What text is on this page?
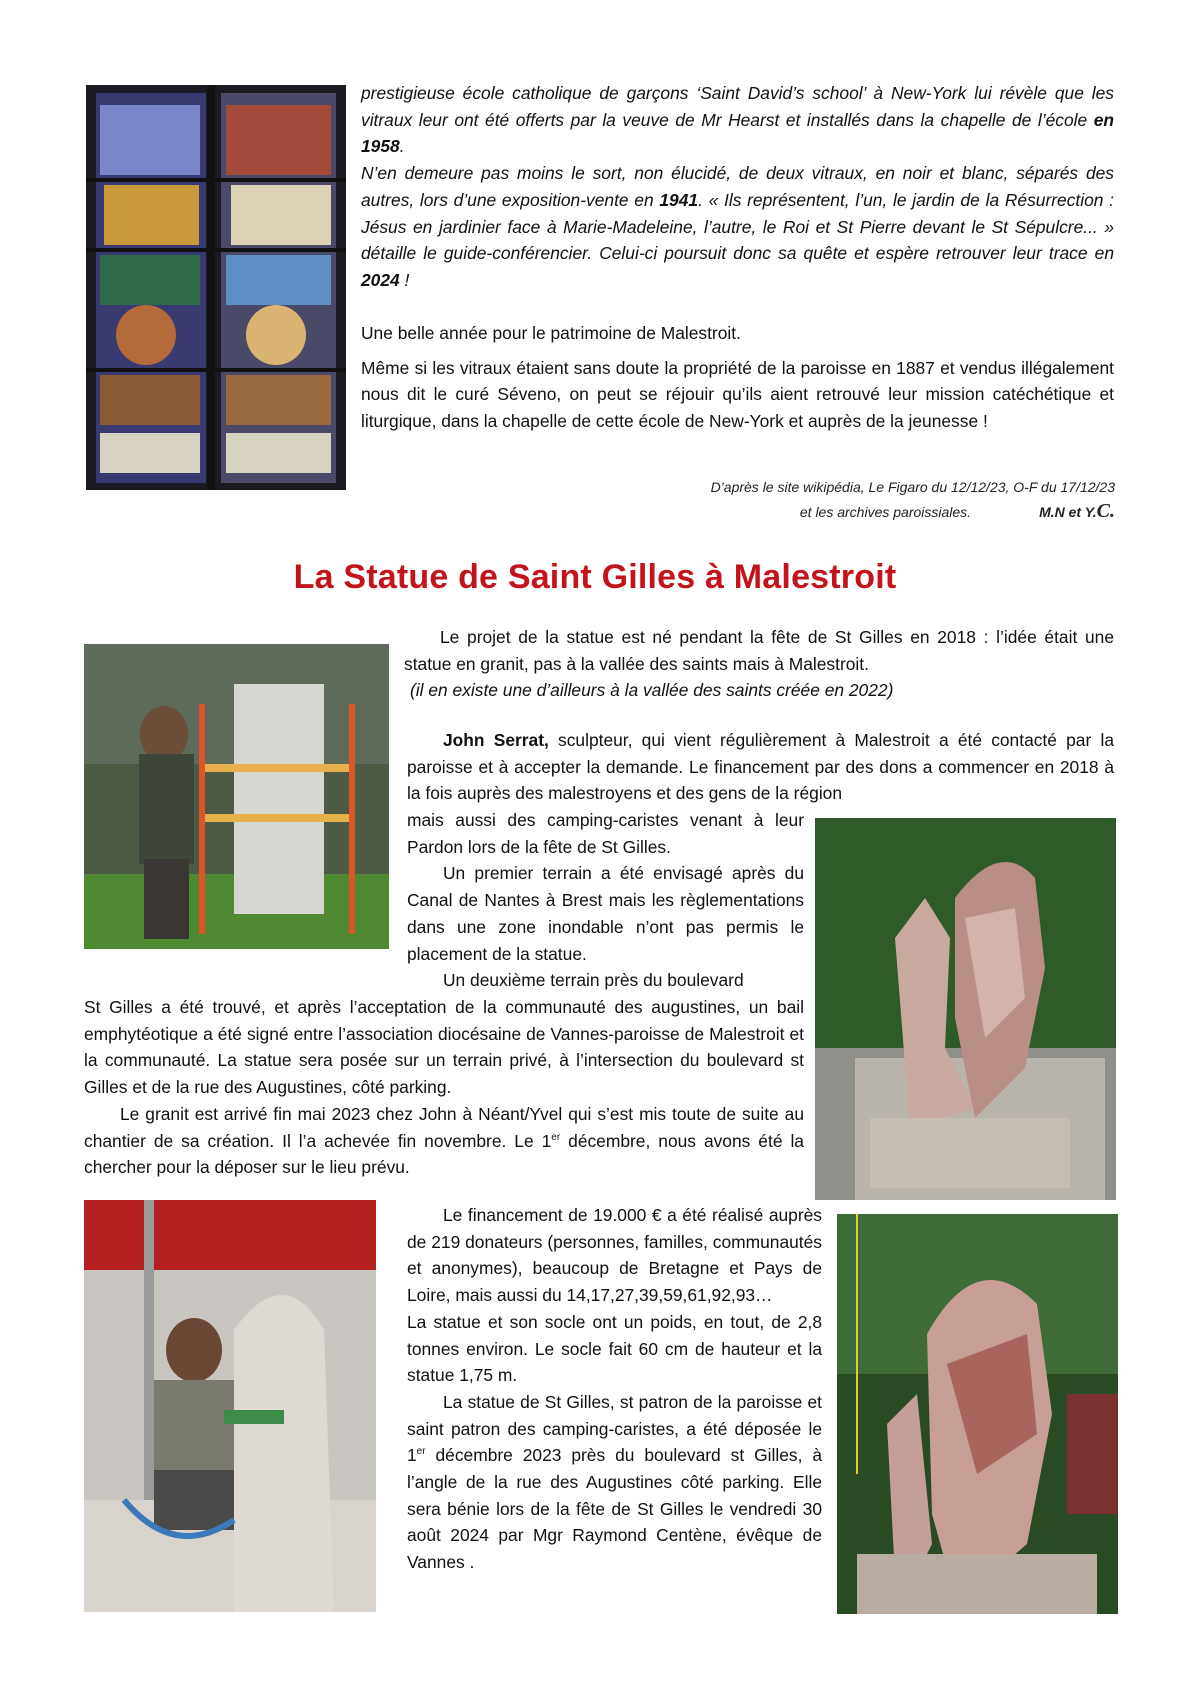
prestigieuse école catholique de garçons ‘Saint David’s school’ à New-York lui révèle que les vitraux leur ont été offerts par la veuve de Mr Hearst et installés dans la chapelle de l’école en 1958.

N’en demeure pas moins le sort, non élucidé, de deux vitraux, en noir et blanc, séparés des autres, lors d’une exposition-vente en 1941. « Ils représentent, l’un, le jardin de la Résurrection : Jésus en jardinier face à Marie-Madeleine, l’autre, le Roi et St Pierre devant le St Sépulcre... » détaille le guide-conférencier. Celui-ci poursuit donc sa quête et espère retrouver leur trace en 2024 !

Une belle année pour le patrimoine de Malestroit.

Même si les vitraux étaient sans doute la propriété de la paroisse en 1887 et vendus illégalement nous dit le curé Séveno, on peut se réjouir qu’ils aient retrouvé leur mission catéchétique et liturgique, dans la chapelle de cette école de New-York et auprès de la jeunesse !

D’après le site wikipédia, Le Figaro du 12/12/23, O-F du 17/12/23

et les archives paroissiales.	M.N et Y.C.

La Statue de Saint Gilles à Malestroit

Le projet de la statue est né pendant la fête de St Gilles en 2018 : l’idée était une statue en granit, pas à la vallée des saints mais à Malestroit.

(il en existe une d’ailleurs à la vallée des saints créée en 2022)

John Serrat, sculpteur, qui vient régulièrement à Malestroit a été contacté par la paroisse et à accepter la demande. Le financement par des dons a commencer en 2018 à la fois auprès des malestroyens et des gens de la région

mais aussi des camping-caristes venant à leur Pardon lors de la fête de St Gilles.

Un premier terrain a été envisagé après du Canal de Nantes à Brest mais les règlementations dans une zone inondable n’ont pas permis le placement de la statue.

Un deuxième terrain près du boulevard

St Gilles a été trouvé, et après l’acceptation de la communauté des augustines, un bail emphytéotique a été signé entre l’association diocésaine de Vannes-paroisse de Malestroit et la communauté. La statue sera posée sur un terrain privé, à l’intersection du boulevard st Gilles et de la rue des Augustines, côté parking.

Le granit est arrivé fin mai 2023 chez John à Néant/Yvel qui s’est mis toute de suite au chantier de sa création. Il l’a achevée fin novembre. Le 1er décembre, nous avons été la chercher pour la déposer sur le lieu prévu.

Le financement de 19.000 € a été réalisé auprès de 219 donateurs (personnes, familles, communautés et anonymes), beaucoup de Bretagne et Pays de Loire, mais aussi du 14,17,27,39,59,61,92,93…

La statue et son socle ont un poids, en tout, de 2,8 tonnes environ. Le socle fait 60 cm de hauteur et la statue 1,75 m.

La statue de St Gilles, st patron de la paroisse et saint patron des camping-caristes, a été déposée le 1er décembre 2023 près du boulevard st Gilles, à l’angle de la rue des Augustines côté parking. Elle sera bénie lors de la fête de St Gilles le vendredi 30 août 2024 par Mgr Raymond Centène, évêque de Vannes .
